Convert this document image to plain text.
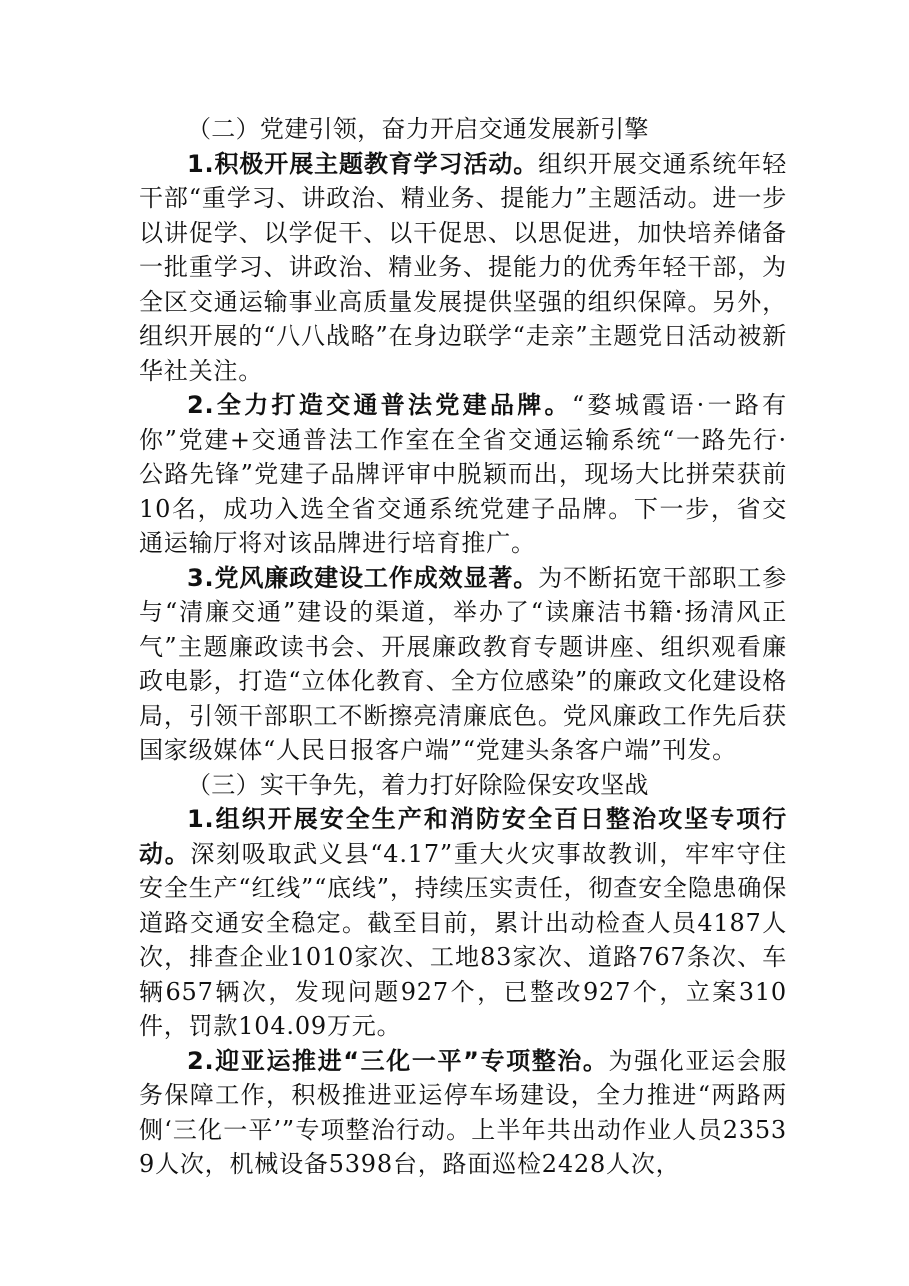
（二）党建引领，奋力开启交通发展新引擎

1.积极开展主题教育学习活动。组织开展交通系统年轻干部“重学习、讲政治、精业务、提能力”主题活动。进一步以讲促学、以学促干、以干促思、以思促进，加快培养储备一批重学习、讲政治、精业务、提能力的优秀年轻干部，为全区交通运输事业高质量发展提供坚强的组织保障。另外，组织开展的“八八战略”在身边联学“走亲”主题党日活动被新华社关注。

2.全力打造交通普法党建品牌。“婺城霞语·一路有你”党建+交通普法工作室在全省交通运输系统“一路先行·公路先锋”党建子品牌评审中脱颖而出，现场大比拼荣获前10名，成功入选全省交通系统党建子品牌。下一步，省交通运输厅将对该品牌进行培育推广。

3.党风廉政建设工作成效显著。为不断拓宽干部职工参与“清廉交通”建设的渠道，举办了“读廉洁书籍·扬清风正气”主题廉政读书会、开展廉政教育专题讲座、组织观看廉政电影，打造“立体化教育、全方位感染”的廉政文化建设格局，引领干部职工不断擦亮清廉底色。党风廉政工作先后获国家级媒体“人民日报客户端”“党建头条客户端”刊发。

（三）实干争先，着力打好除险保安攻坚战

1.组织开展安全生产和消防安全百日整治攻坚专项行动。深刻吸取武义县“4.17”重大火灾事故教训，牢牢守住安全生产“红线”“底线”，持续压实责任，彻查安全隐患确保道路交通安全稳定。截至目前，累计出动检查人员4187人次，排查企业1010家次、工地83家次、道路767条次、车辆657辆次，发现问题927个，已整改927个，立案310件，罚款104.09万元。

2.迎亚运推进“三化一平”专项整治。为强化亚运会服务保障工作，积极推进亚运停车场建设，全力推进“两路两侧‘三化一平’”专项整治行动。上半年共出动作业人员23539人次，机械设备5398台，路面巡检2428人次，
